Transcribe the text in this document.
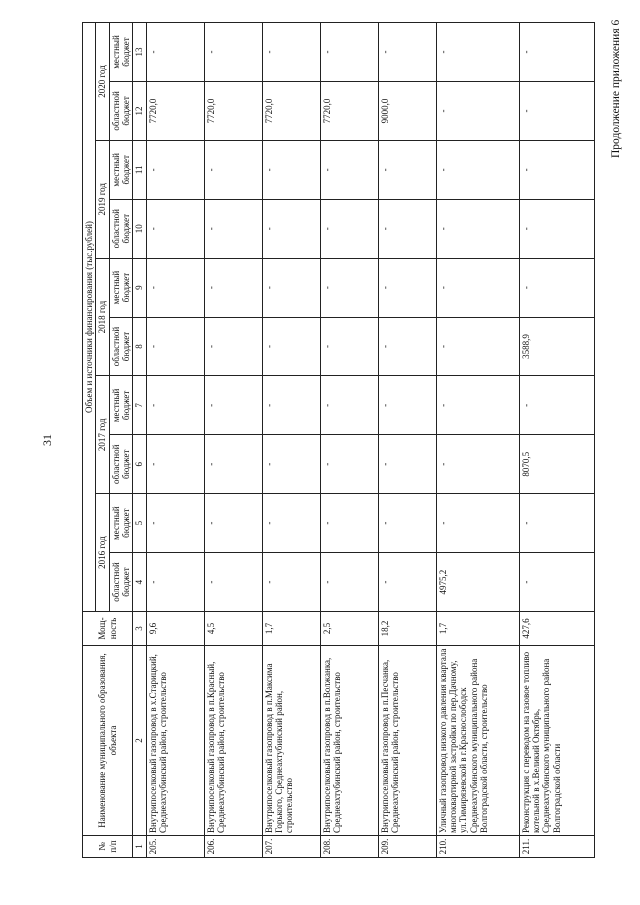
31
Продолжение приложения 6
№
п/п	Наименование муниципального образования, объекта	Мощ-
ность	Объем и источники финансирования (тыс.рублей)									
			2016 год		2017 год		2018 год		2019 год		2020 год	
			областной бюджет	местный бюджет	областной бюджет	местный бюджет	областной бюджет	местный бюджет	областной бюджет	местный бюджет	областной бюджет	местный бюджет
1	2	3	4	5	6	7	8	9	10	11	12	13
205.	Внутрипоселковый газопровод в х.Старицкий, Среднеахтубинский район, строительство	9,6	-	-	-	-	-	-	-	-	7720,0	-
206.	Внутрипоселковый газопровод в п.Красный, Среднеахтубинский район, строительство	4,5	-	-	-	-	-	-	-	-	7720,0	-
207.	Внутрипоселковый газопровод в п.Максима Горького, Среднеахтубинский район, строительство	1,7	-	-	-	-	-	-	-	-	7720,0	-
208.	Внутрипоселковый газопровод в п.Волжанка, Среднеахтубинский район, строительство	2,5	-	-	-	-	-	-	-	-	7720,0	-
209.	Внутрипоселковый газопровод в п.Песчанка, Среднеахтубинский район, строительство	18,2	-	-	-	-	-	-	-	-	9000,0	-
210.	Уличный газопровод низкого давления квартала многоквартирной застройки по пер.Дачному, ул.Тимирязевской в г.Краснослободск Среднеахтубинского муниципального района Волгоградской области, строительство	1,7	4975,2	-	-	-	-	-	-	-	-	-
211.	Реконструкция с переводом на газовое топливо котельной в х.Великий Октябрь, Среднеахтубинского муниципального района Волгоградской области	427,6	-	-	8070,5	-	3588,9	-	-	-	-	-
